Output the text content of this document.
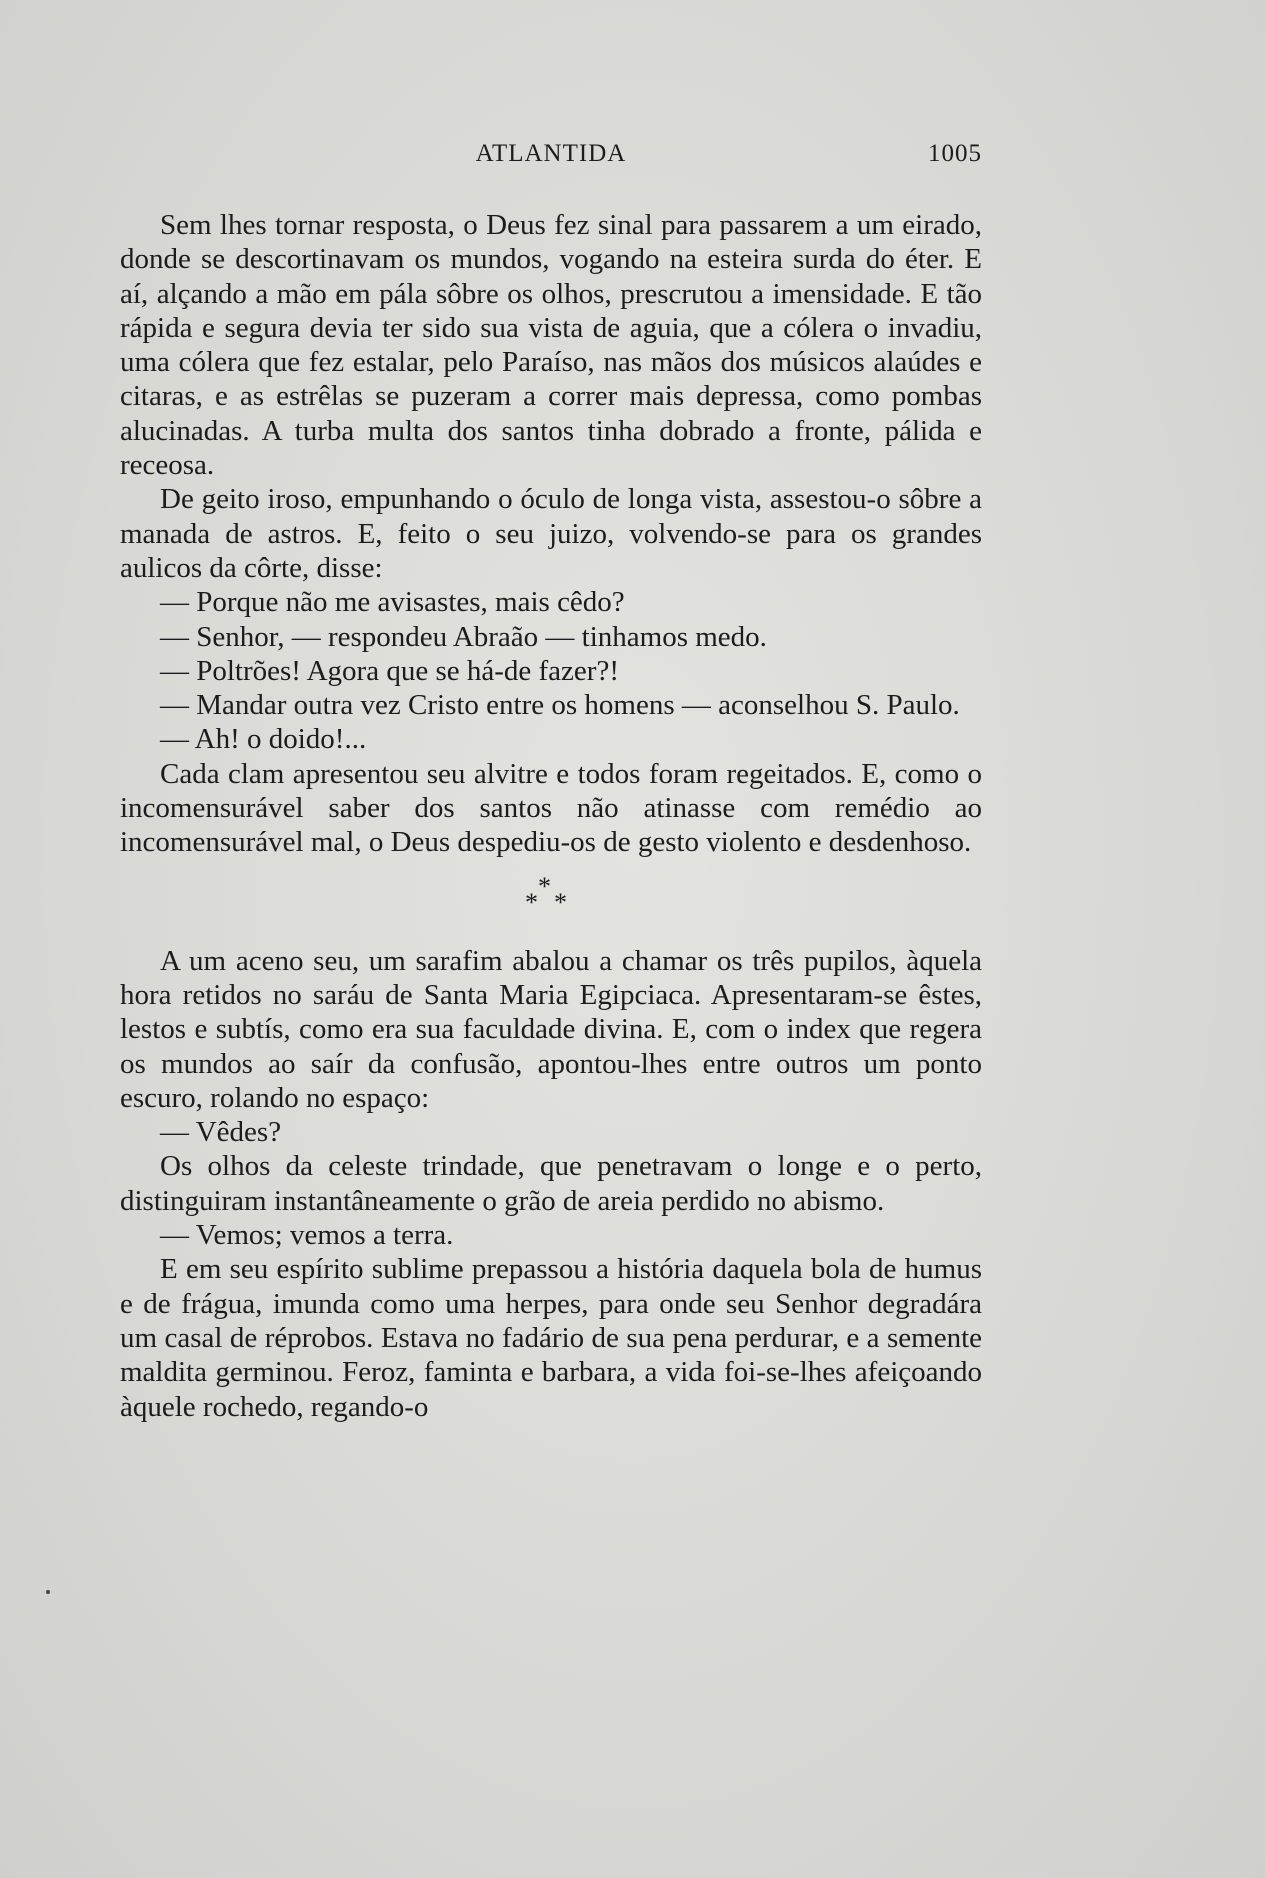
ATLANTIDA	1005

Sem lhes tornar resposta, o Deus fez sinal para passarem a um eirado, donde se descortinavam os mundos, vogando na esteira surda do éter. E aí, alçando a mão em pála sôbre os olhos, prescrutou a imensidade. E tão rápida e segura devia ter sido sua vista de aguia, que a cólera o invadiu, uma cólera que fez estalar, pelo Paraíso, nas mãos dos músicos alaúdes e citaras, e as estrêlas se puzeram a correr mais depressa, como pombas alucinadas. A turba multa dos santos tinha dobrado a fronte, pálida e receosa.

De geito iroso, empunhando o óculo de longa vista, assestou-o sôbre a manada de astros. E, feito o seu juizo, volvendo-se para os grandes aulicos da côrte, disse:

— Porque não me avisastes, mais cêdo?

— Senhor, — respondeu Abraão — tinhamos medo.

— Poltrões! Agora que se há-de fazer?!

— Mandar outra vez Cristo entre os homens — aconselhou S. Paulo.

— Ah! o doido!...

Cada clam apresentou seu alvitre e todos foram regeitados. E, como o incomensurável saber dos santos não atinasse com remédio ao incomensurável mal, o Deus despediu-os de gesto violento e desdenhoso.

*
* *

A um aceno seu, um sarafim abalou a chamar os três pupilos, àquela hora retidos no saráu de Santa Maria Egipciaca. Apresentaram-se êstes, lestos e subtís, como era sua faculdade divina. E, com o index que regera os mundos ao saír da confusão, apontou-lhes entre outros um ponto escuro, rolando no espaço:

— Vêdes?

Os olhos da celeste trindade, que penetravam o longe e o perto, distinguiram instantâneamente o grão de areia perdido no abismo.

— Vemos; vemos a terra.

E em seu espírito sublime prepassou a história daquela bola de humus e de frágua, imunda como uma herpes, para onde seu Senhor degradára um casal de réprobos. Estava no fadário de sua pena perdurar, e a semente maldita germinou. Feroz, faminta e barbara, a vida foi-se-lhes afeiçoando àquele rochedo, regando-o
